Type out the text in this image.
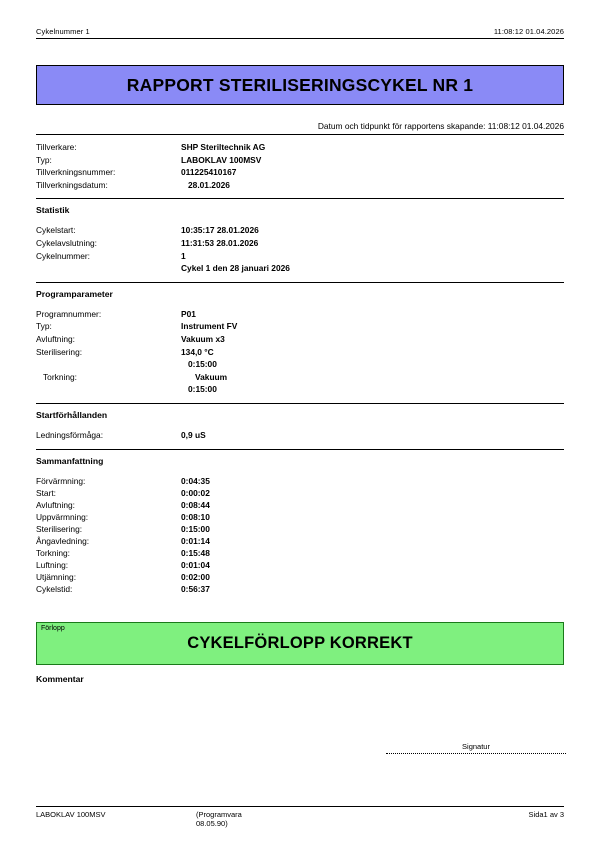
Cykelnummer 1	11:08:12 01.04.2026
RAPPORT STERILISERINGSCYKEL NR 1
Datum och tidpunkt för rapportens skapande: 11:08:12 01.04.2026
Tillverkare:	SHP Steriltechnik AG
Typ:	LABOKLAV 100MSV
Tillverkningsnummer:	011225410167
Tillverkningsdatum:	28.01.2026
Statistik
Cykelstart:	10:35:17 28.01.2026
Cykelavslutning:	11:31:53 28.01.2026
Cykelnummer:	1
Cykel 1 den 28 januari 2026
Programparameter
Programnummer:	P01
Typ:	Instrument FV
Avluftning:	Vakuum x3
Sterilisering:	134,0 °C
0:15:00
Torkning:	Vakuum
0:15:00
Startförhållanden
Ledningsförmåga:	0,9 uS
Sammanfattning
Förvärmning:	0:04:35
Start:	0:00:02
Avluftning:	0:08:44
Uppvärmning:	0:08:10
Sterilisering:	0:15:00
Ångavledning:	0:01:14
Torkning:	0:15:48
Luftning:	0:01:04
Utjämning:	0:02:00
Cykelstid:	0:56:37
Förlopp
CYKELFÖRLOPP KORREKT
Kommentar
Signatur
LABOKLAV 100MSV	(Programvara
08.05.90)
Sida1 av 3
